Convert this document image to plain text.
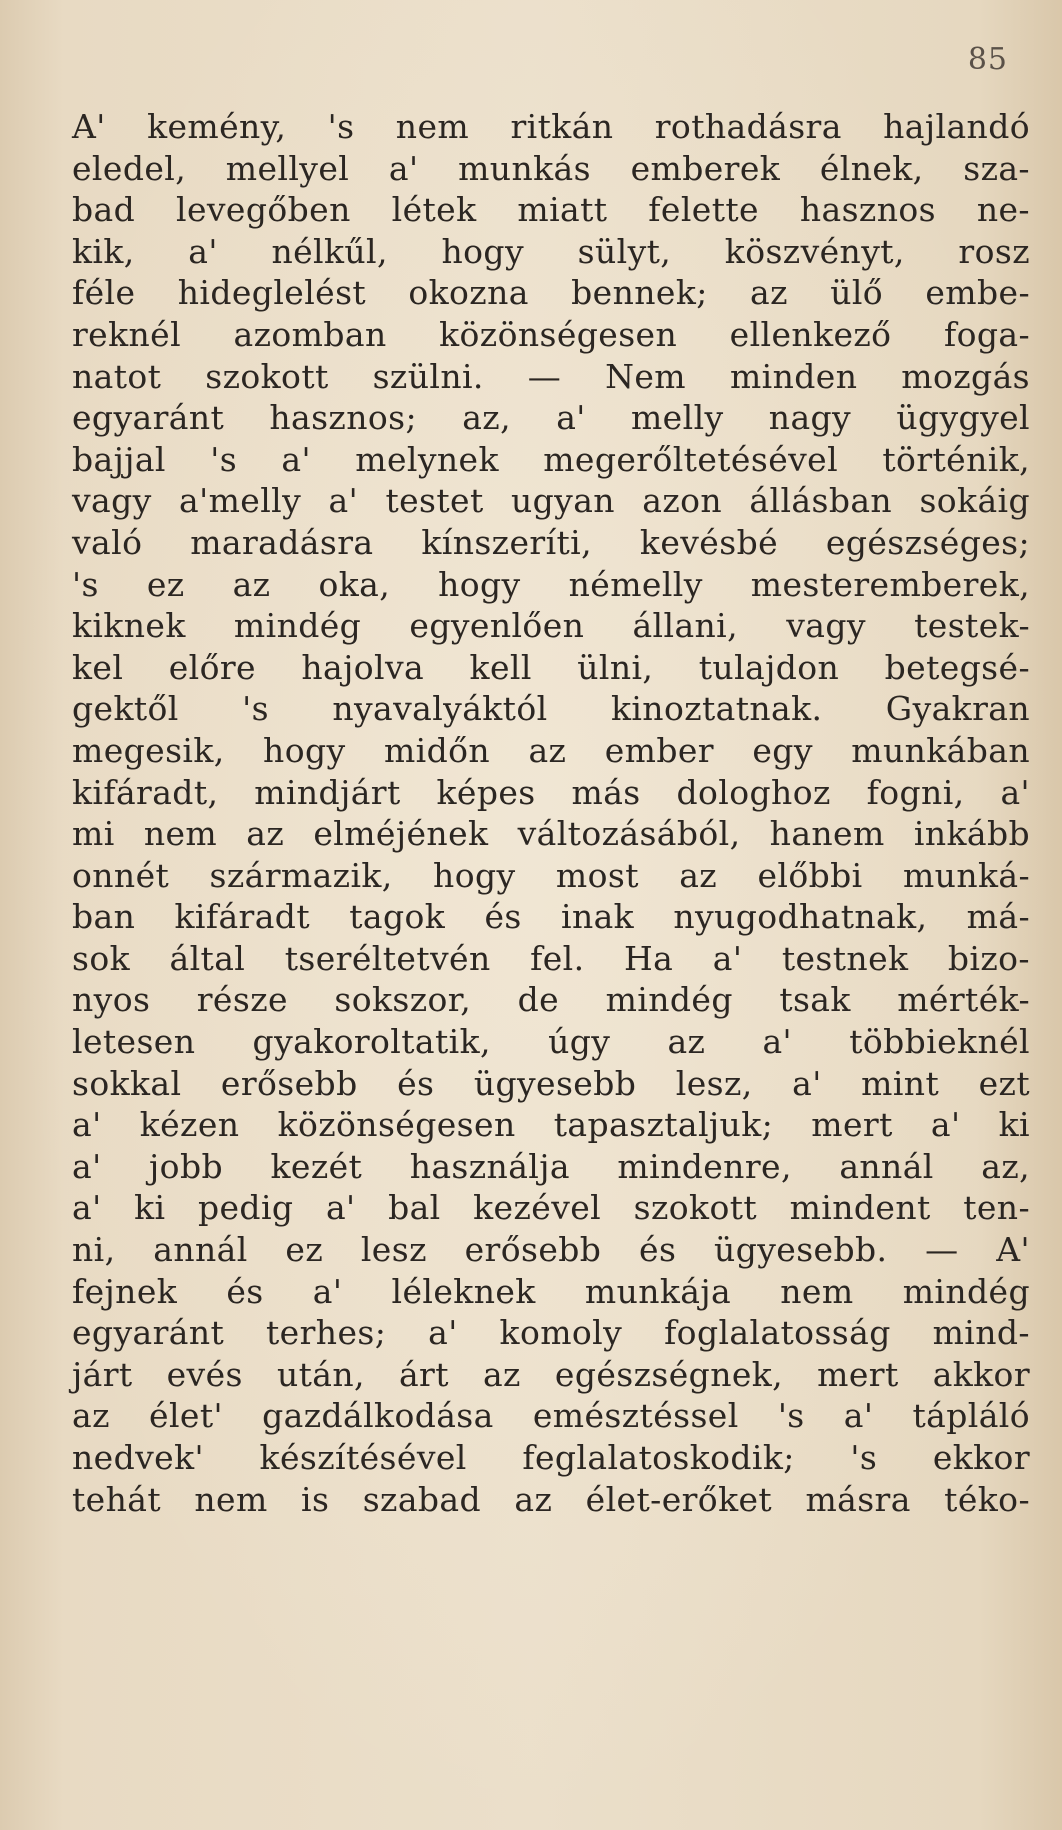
85
A' kemény, 's nem ritkán rothadásra hajlandó
eledel, mellyel a' munkás emberek élnek, sza-
bad levegőben létek miatt felette hasznos ne-
kik, a' nélkűl, hogy sülyt, köszvényt, rosz
féle hideglelést okozna bennek; az ülő embe-
reknél azomban közönségesen ellenkező foga-
natot szokott szülni. — Nem minden mozgás
egyaránt hasznos; az, a' melly nagy ügygyel
bajjal 's a' melynek megerőltetésével történik,
vagy a'melly a' testet ugyan azon állásban sokáig
való maradásra kínszeríti, kevésbé egészséges;
's ez az oka, hogy némelly mesteremberek,
kiknek mindég egyenlően állani, vagy testek-
kel előre hajolva kell ülni, tulajdon betegsé-
gektől 's nyavalyáktól kinoztatnak. Gyakran
megesik, hogy midőn az ember egy munkában
kifáradt, mindjárt képes más dologhoz fogni, a'
mi nem az elméjének változásából, hanem inkább
onnét származik, hogy most az előbbi munká-
ban kifáradt tagok és inak nyugodhatnak, má-
sok által tseréltetvén fel. Ha a' testnek bizo-
nyos része sokszor, de mindég tsak mérték-
letesen gyakoroltatik, úgy az a' többieknél
sokkal erősebb és ügyesebb lesz, a' mint ezt
a' kézen közönségesen tapasztaljuk; mert a' ki
a' jobb kezét használja mindenre, annál az,
a' ki pedig a' bal kezével szokott mindent ten-
ni, annál ez lesz erősebb és ügyesebb. — A'
fejnek és a' léleknek munkája nem mindég
egyaránt terhes; a' komoly foglalatosság mind-
járt evés után, árt az egészségnek, mert akkor
az élet' gazdálkodása emésztéssel 's a' tápláló
nedvek' készítésével feglalatoskodik; 's ekkor
tehát nem is szabad az élet-erőket másra téko-
